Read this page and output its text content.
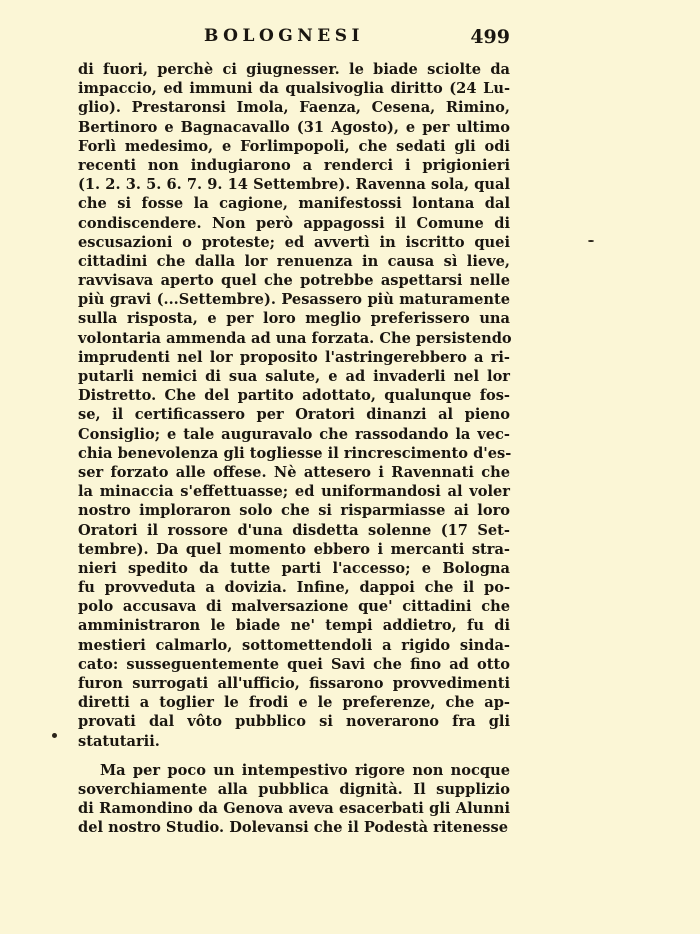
BOLOGNESI	499
di fuori, perchè ci giugnesser. le biade sciolte da
impaccio, ed immuni da qualsivoglia diritto (24 Lu-
glio). Prestaronsi Imola, Faenza, Cesena, Rimino,
Bertinoro e Bagnacavallo (31 Agosto), e per ultimo
Forlì medesimo, e Forlimpopoli, che sedati gli odi
recenti non indugiarono a renderci i prigionieri
(1. 2. 3. 5. 6. 7. 9. 14 Settembre). Ravenna sola, qual
che si fosse la cagione, manifestossi lontana dal
condiscendere. Non però appagossi il Comune di
escusazioni o proteste; ed avvertì in iscritto quei
cittadini che dalla lor renuenza in causa sì lieve,
ravvisava aperto quel che potrebbe aspettarsi nelle
più gravi (...Settembre). Pesassero più maturamente
sulla risposta, e per loro meglio preferissero una
volontaria ammenda ad una forzata. Che persistendo
imprudenti nel lor proposito l'astringerebbero a ri-
putarli nemici di sua salute, e ad invaderli nel lor
Distretto. Che del partito adottato, qualunque fos-
se, il certificassero per Oratori dinanzi al pieno
Consiglio; e tale auguravalo che rassodando la vec-
chia benevolenza gli togliesse il rincrescimento d'es-
ser forzato alle offese. Nè attesero i Ravennati che
la minaccia s'effettuasse; ed uniformandosi al voler
nostro imploraron solo che si risparmiasse ai loro
Oratori il rossore d'una disdetta solenne (17 Set-
tembre). Da quel momento ebbero i mercanti stra-
nieri spedito da tutte parti l'accesso; e Bologna
fu provveduta a dovizia. Infine, dappoi che il po-
polo accusava di malversazione que' cittadini che
amministraron le biade ne' tempi addietro, fu di
mestieri calmarlo, sottomettendoli a rigido sinda-
cato: susseguentemente quei Savi che fino ad otto
furon surrogati all'ufficio, fissarono provvedimenti
diretti a toglier le frodi e le preferenze, che ap-
provati dal vôto pubblico si noverarono fra gli
statutarii.
Ma per poco un intempestivo rigore non nocque
soverchiamente alla pubblica dignità. Il supplizio
di Ramondino da Genova aveva esacerbati gli Alunni
del nostro Studio. Dolevansi che il Podestà ritenesse
